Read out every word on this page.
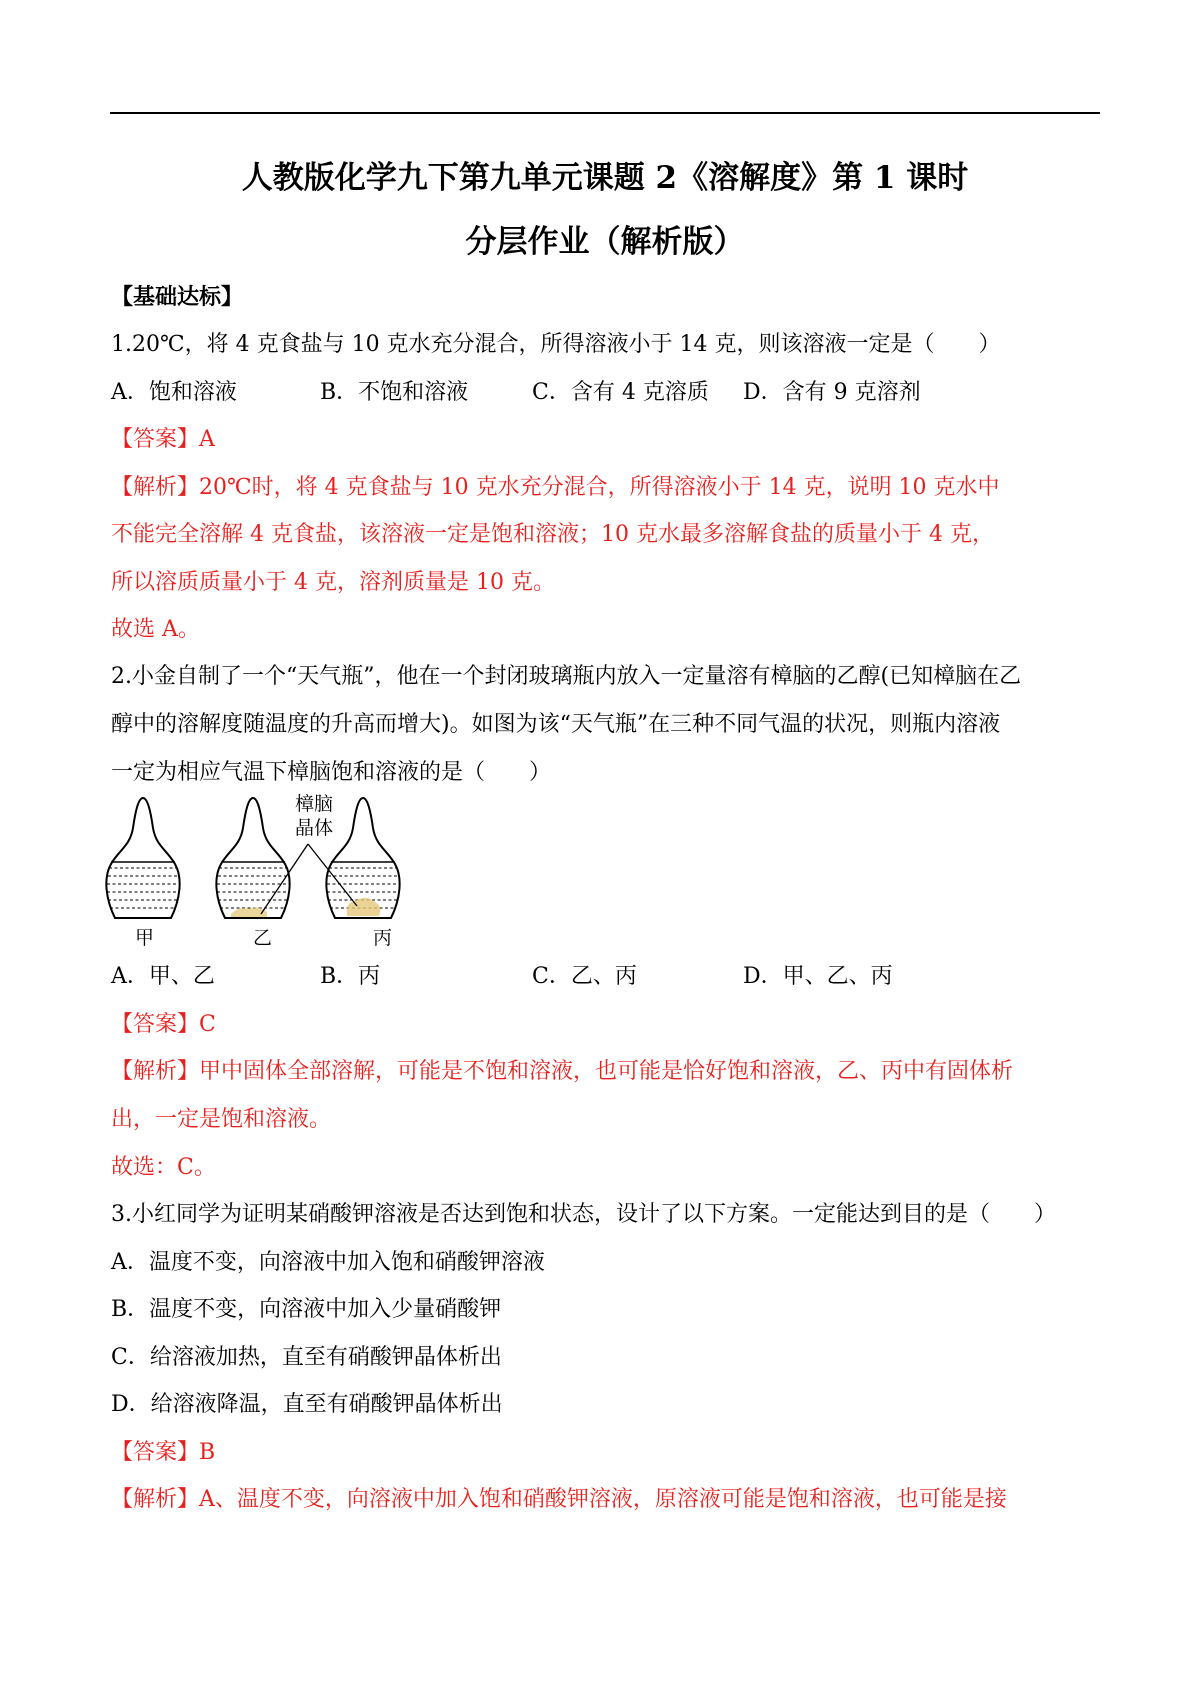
人教版化学九下第九单元课题 2《溶解度》第 1 课时
分层作业（解析版）
【基础达标】
1.20℃，将 4 克食盐与 10 克水充分混合，所得溶液小于 14 克，则该溶液一定是（　　）
A．饱和溶液	B．不饱和溶液	C．含有 4 克溶质 D．含有 9 克溶剂
【答案】A
【解析】20℃时，将 4 克食盐与 10 克水充分混合，所得溶液小于 14 克，说明 10 克水中
不能完全溶解 4 克食盐，该溶液一定是饱和溶液；10 克水最多溶解食盐的质量小于 4 克，
所以溶质质量小于 4 克，溶剂质量是 10 克。
故选 A。
2.小金自制了一个“天气瓶”，他在一个封闭玻璃瓶内放入一定量溶有樟脑的乙醇(已知樟脑在乙
醇中的溶解度随温度的升高而增大)。如图为该“天气瓶”在三种不同气温的状况，则瓶内溶液
一定为相应气温下樟脑饱和溶液的是（　　）
樟脑
晶体
甲	乙	丙
A．甲、乙	B．丙	C．乙、丙	D．甲、乙、丙
【答案】C
【解析】甲中固体全部溶解，可能是不饱和溶液，也可能是恰好饱和溶液，乙、丙中有固体析
出，一定是饱和溶液。
故选：C。
3.小红同学为证明某硝酸钾溶液是否达到饱和状态，设计了以下方案。一定能达到目的是（　　）
A．温度不变，向溶液中加入饱和硝酸钾溶液
B．温度不变，向溶液中加入少量硝酸钾
C．给溶液加热，直至有硝酸钾晶体析出
D．给溶液降温，直至有硝酸钾晶体析出
【答案】B
【解析】A、温度不变，向溶液中加入饱和硝酸钾溶液，原溶液可能是饱和溶液，也可能是接
